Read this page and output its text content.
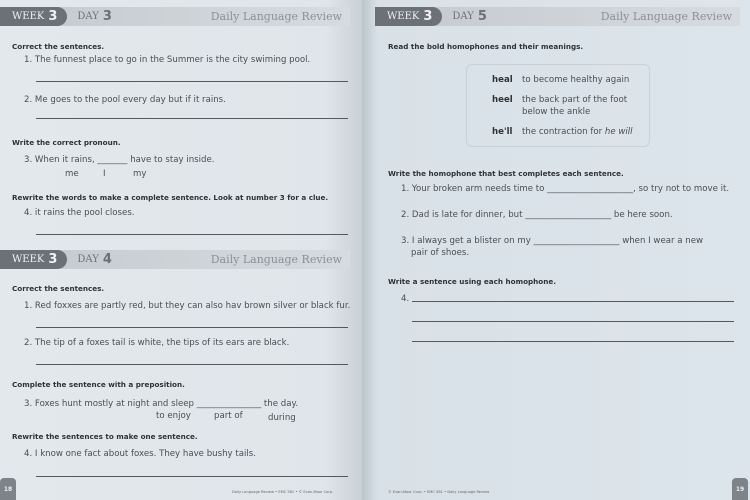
WEEK 3 DAY 3	Daily Language Review
Correct the sentences.
1. The funnest place to go in the Summer is the city swiming pool.
2. Me goes to the pool every day but if it rains.
Write the correct pronoun.
3. When it rains, _______ have to stay inside.
me	I	my
Rewrite the words to make a complete sentence. Look at number 3 for a clue.
4. it rains the pool closes.
WEEK 3 DAY 4	Daily Language Review
Correct the sentences.
1. Red foxxes are partly red, but they can also hav brown silver or black fur.
2. The tip of a foxes tail is white, the tips of its ears are black.
Complete the sentence with a preposition.
3. Foxes hunt mostly at night and sleep _______________ the day.
to enjoy	part of	during
Rewrite the sentences to make one sentence.
4. I know one fact about foxes. They have bushy tails.
18	Daily Language Review • EMC 581 • © Evan-Moor Corp.
WEEK 3 DAY 5	Daily Language Review
Read the bold homophones and their meanings.
heal to become healthy again
heel the back part of the foot
below the ankle
he'll the contraction for he will
Write the homophone that best completes each sentence.
1. Your broken arm needs time to ____________________, so try not to move it.
2. Dad is late for dinner, but ____________________ be here soon.
3. I always get a blister on my ____________________ when I wear a new
pair of shoes.
Write a sentence using each homophone.
4.
19
© Evan-Moor Corp. • EMC 581 • Daily Language Review
